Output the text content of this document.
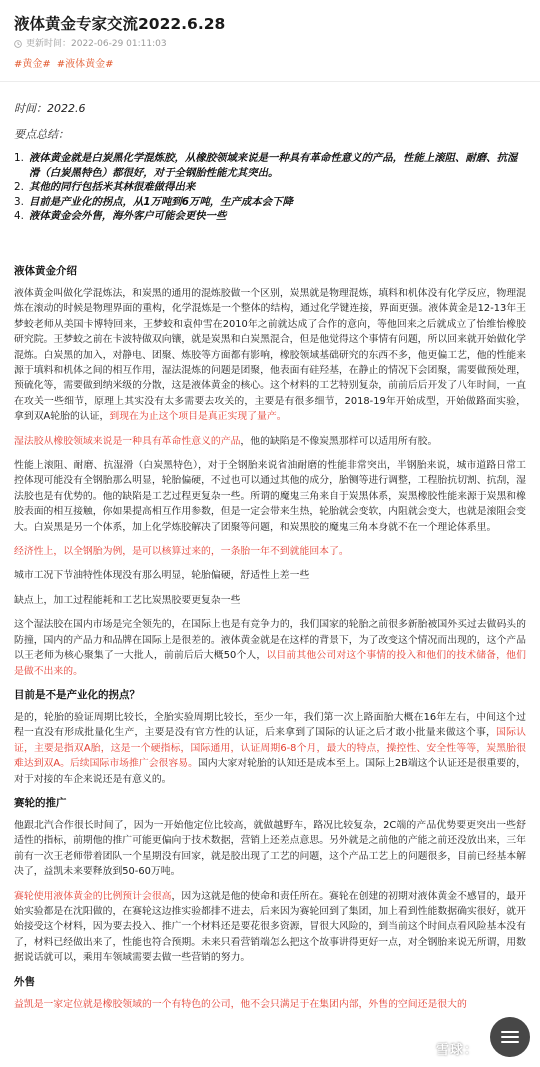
液体黄金专家交流2022.6.28
更新时间：2022-06-29 01:11:03
#黄金# #液体黄金#
时间：2022.6
要点总结：
1. 液体黄金就是白炭黑化学混炼胶，从橡胶领域来说是一种具有革命性意义的产品，性能上滚阻、耐磨、抗湿滑（白炭黑特色）都很好，对于全钢胎性能尤其突出。
2. 其他的同行包括米其林很难做得出来
3. 目前是产业化的拐点，从1万吨到6万吨，生产成本会下降
4. 液体黄金会外售，海外客户可能会更快一些
液体黄金介绍

液体黄金叫做化学混炼法，和炭黑的通用的混炼胶做一个区别，炭黑就是物理混炼，填料和机体没有化学反应，物理混炼在滚动的时候是物理界面的重构，化学混炼是一个整体的结构，通过化学键连接，界面更强。液体黄金是12-13年王梦蛟老师从美国卡博特回来，王梦蛟和袁仲雪在2010年之前就达成了合作的意向，等他回来之后就成立了怡维怡橡胶研究院。王梦蛟之前在卡波特做双向镶，就是炭黑和白炭黑混合，但是他觉得这个事情有问题，所以回来就开始做化学混炼。白炭黑的加入，对静电、团聚、炼胶等方面都有影响，橡胶领域基础研究的东西不多，他更偏工艺，他的性能来源于填料和机体之间的相互作用，湿法混炼的问题是团聚，他表面有硅羟基，在静止的情况下会团聚，需要做预处理，预硫化等，需要做到纳米级的分散，这是液体黄金的核心。这个材料的工艺特别复杂，前前后后开发了八年时间，一直在攻关一些细节，原理上其实没有太多需要去攻关的，主要是有很多细节，2018-19年开始成型，开始做路面实验，拿到双A轮胎的认证，到现在为止这个项目是真正实现了量产。

湿法胶从橡胶领域来说是一种具有革命性意义的产品，他的缺陷是不像炭黑那样可以适用所有胶。

性能上滚阻、耐磨、抗湿滑（白炭黑特色），对于全钢胎来说省油耐磨的性能非常突出，半钢胎来说，城市道路日常工控体现可能没有全钢胎那么明显，轮胎偏硬，不过也可以通过其他的成分，胎铡等进行调整，工程胎抗切割、抗刮，湿法胶也是有优势的。他的缺陷是工艺过程更复杂一些。所谓的魔鬼三角来自于炭黑体系，炭黑橡胶性能来源于炭黑和橡胶表面的相互接触，你如果提高相互作用参数，但是一定会带来生热，轮胎就会变软，内阻就会变大，也就是滚阻会变大。白炭黑是另一个体系，加上化学炼胶解决了团聚等问题，和炭黑胶的魔鬼三角本身就不在一个理论体系里。

经济性上，以全钢胎为例，是可以核算过来的，一条胎一年不到就能回本了。

城市工况下节油特性体现没有那么明显，轮胎偏硬，舒适性上差一些

缺点上，加工过程能耗和工艺比炭黑胶要更复杂一些

这个湿法胶在国内市场是完全领先的，在国际上也是有竞争力的，我们国家的轮胎之前很多新胎被国外买过去做码头的防撞，国内的产品力和品牌在国际上是很差的。液体黄金就是在这样的背景下，为了改变这个情况而出现的，这个产品以王老师为核心聚集了一大批人，前前后后大概50个人，以目前其他公司对这个事情的投入和他们的技术储备，他们是做不出来的。

目前是不是产业化的拐点？

是的，轮胎的验证周期比较长，全胎实验周期比较长，至少一年，我们第一次上路面胎大概在16年左右，中间这个过程一直没有形成批量化生产，主要是没有官方性的认证，后来拿到了国际的认证之后才敢小批量来做这个事，国际认证，主要是指双A胎，这是一个硬指标，国际通用，认证周期6-8个月，最大的特点，操控性、安全性等等，炭黑胎很难达到双A。后续国际市场推广会很容易。国内大家对轮胎的认知还是成本至上。国际上2B端这个认证还是很重要的，对于对接的车企来说还是有意义的。

赛轮的推广

他跟北汽合作很长时间了，因为一开始他定位比较高，就做越野车，路况比较复杂，2C端的产品优势要更突出一些舒适性的指标，前期他的推广可能更偏向于技术数据，营销上还差点意思。另外就是之前他的产能之前还没放出来，三年前有一次王老师带着团队一个星期没有回家，就是胶出现了工艺的问题，这个产品工艺上的问题很多，目前已经基本解决了，益凯未来要释放到50-60万吨。

赛轮使用液体黄金的比例预计会很高，因为这就是他的使命和责任所在。赛轮在创建的初期对液体黄金不感冒的，最开始实验都是在沈阳做的，在赛轮这边推实验都排不进去，后来因为赛轮回到了集团，加上看到性能数据确实很好，就开始接受这个材料，因为要去投入、推广一个材料还是要花很多资源，冒很大风险的，到当前这个时间点看风险基本没有了，材料已经做出来了，性能也符合预期。未来只看营销端怎么把这个故事讲得更好一点，对全钢胎来说无所谓，用数据说话就可以，乘用车领域需要去做一些营销的努力。

外售

益凯是一家定位就是橡胶领域的一个有特色的公司，他不会只满足于在集团内部，外售的空间还是很大的

雪球：
